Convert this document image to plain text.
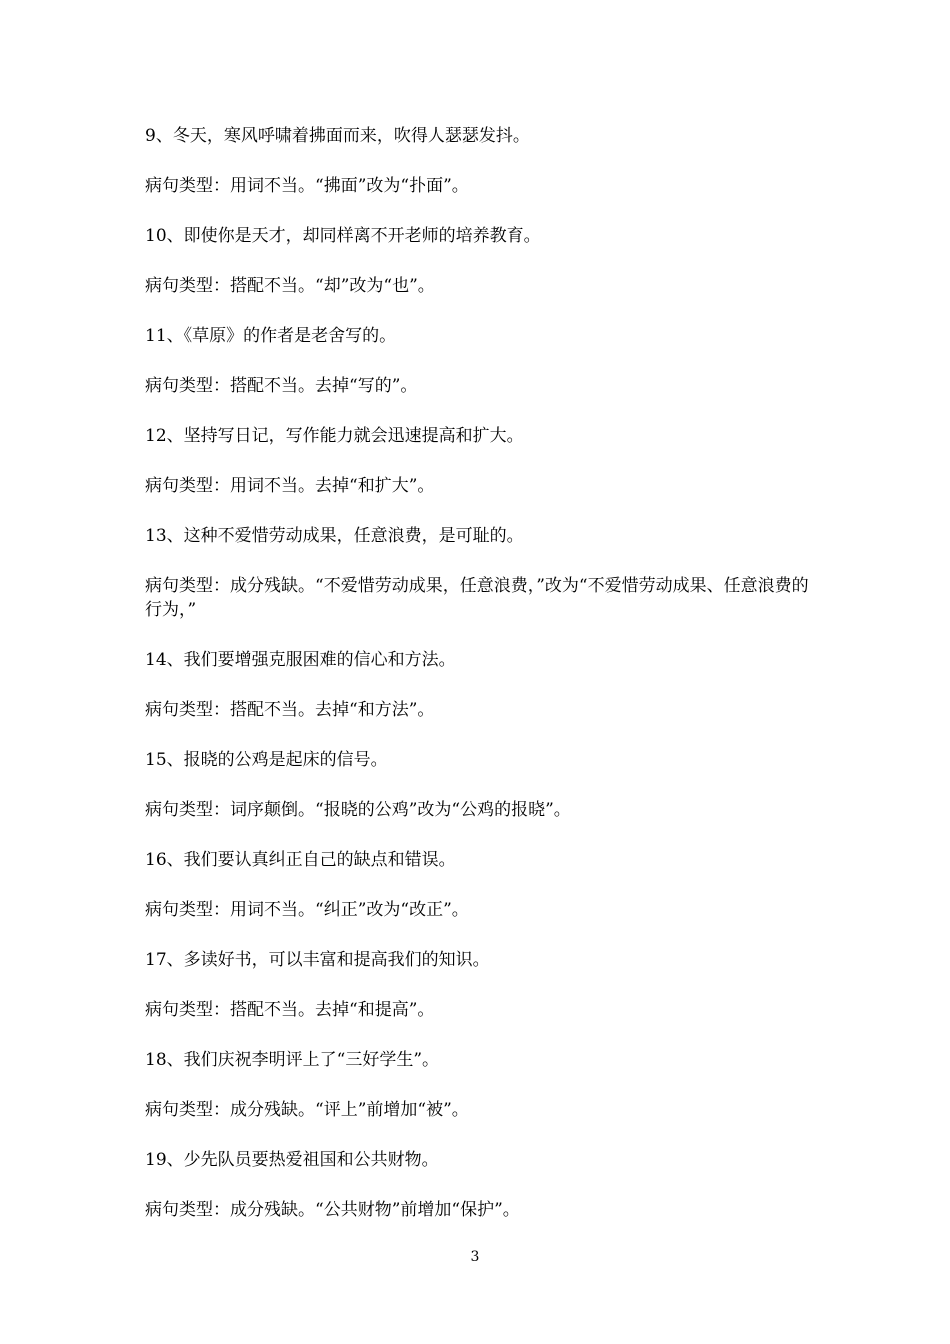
9、冬天，寒风呼啸着拂面而来，吹得人瑟瑟发抖。

病句类型：用词不当。“拂面”改为“扑面”。

10、即使你是天才，却同样离不开老师的培养教育。

病句类型：搭配不当。“却”改为“也”。

11、《草原》的作者是老舍写的。

病句类型：搭配不当。去掉“写的”。

12、坚持写日记，写作能力就会迅速提高和扩大。

病句类型：用词不当。去掉“和扩大”。

13、这种不爱惜劳动成果，任意浪费，是可耻的。

病句类型：成分残缺。“不爱惜劳动成果，任意浪费，”改为“不爱惜劳动成果、任意浪费的行为，”

14、我们要增强克服困难的信心和方法。

病句类型：搭配不当。去掉“和方法”。

15、报晓的公鸡是起床的信号。

病句类型：词序颠倒。“报晓的公鸡”改为“公鸡的报晓”。

16、我们要认真纠正自己的缺点和错误。

病句类型：用词不当。“纠正”改为“改正”。

17、多读好书，可以丰富和提高我们的知识。

病句类型：搭配不当。去掉“和提高”。

18、我们庆祝李明评上了“三好学生”。

病句类型：成分残缺。“评上”前增加“被”。

19、少先队员要热爱祖国和公共财物。

病句类型：成分残缺。“公共财物”前增加“保护”。

3
